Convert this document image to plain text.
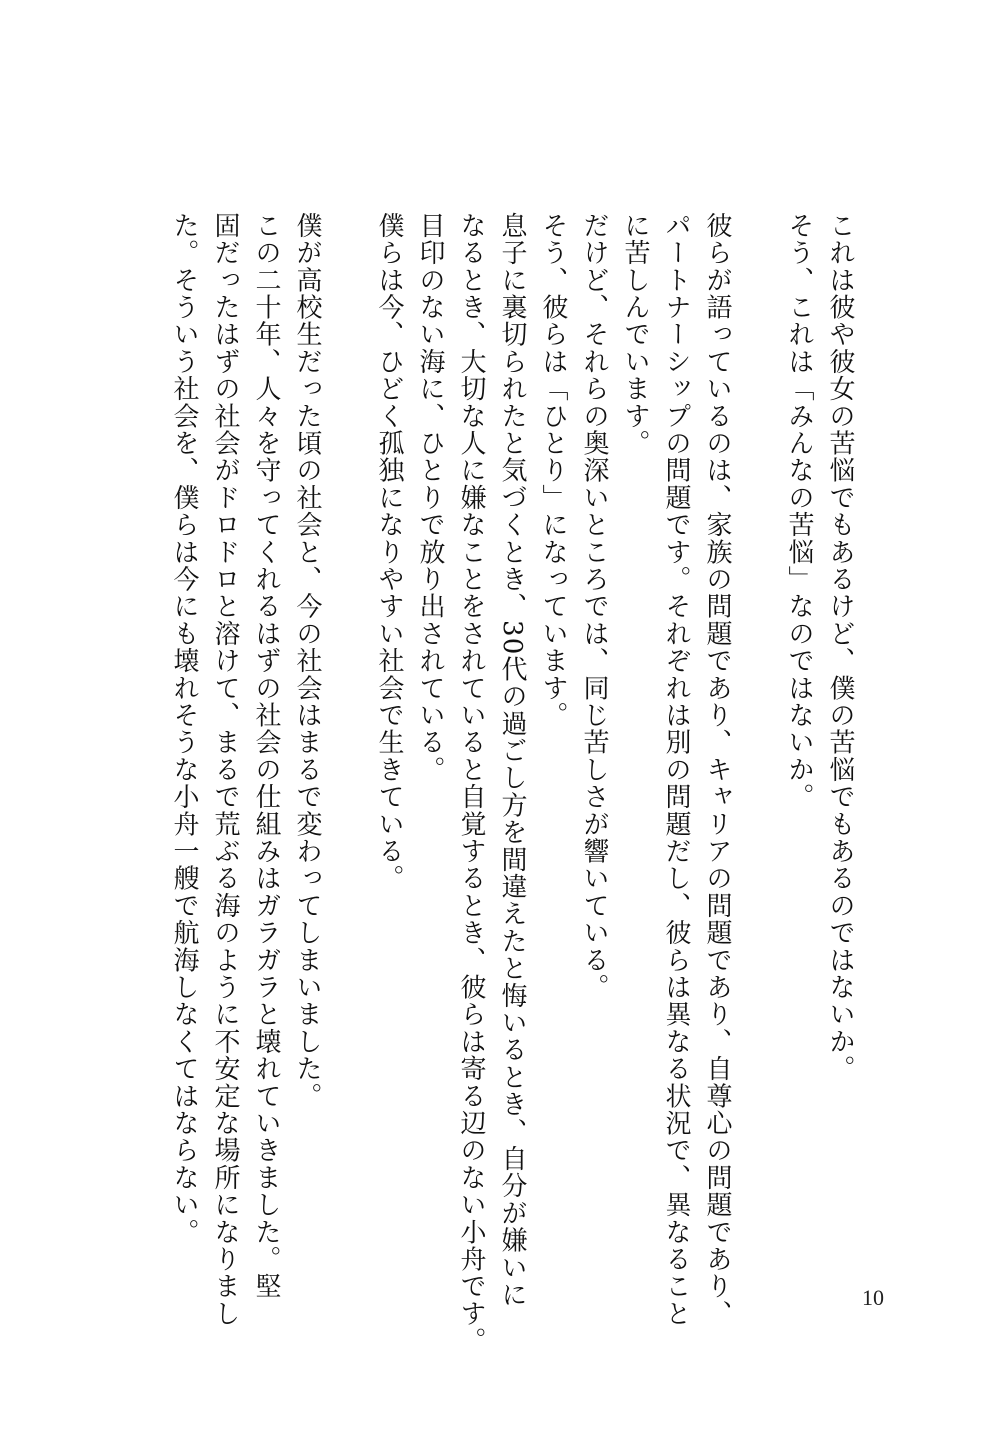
これは彼や彼女の苦悩でもあるけど、僕の苦悩でもあるのではないか。
そう、これは「みんなの苦悩」なのではないか。
彼らが語っているのは、家族の問題であり、キャリアの問題であり、自尊心の問題であり、
パートナーシップの問題です。それぞれは別の問題だし、彼らは異なる状況で、異なること
に苦しんでいます。
だけど、それらの奥深いところでは、同じ苦しさが響いている。
そう、彼らは「ひとり」になっています。
息子に裏切られたと気づくとき、30代の過ごし方を間違えたと悔いるとき、自分が嫌いに
なるとき、大切な人に嫌なことをされていると自覚するとき、彼らは寄る辺のない小舟です。
目印のない海に、ひとりで放り出されている。
僕らは今、ひどく孤独になりやすい社会で生きている。
僕が高校生だった頃の社会と、今の社会はまるで変わってしまいました。
この二十年、人々を守ってくれるはずの社会の仕組みはガラガラと壊れていきました。堅
固だったはずの社会がドロドロと溶けて、まるで荒ぶる海のように不安定な場所になりまし
た。そういう社会を、僕らは今にも壊れそうな小舟一艘で航海しなくてはならない。
10
